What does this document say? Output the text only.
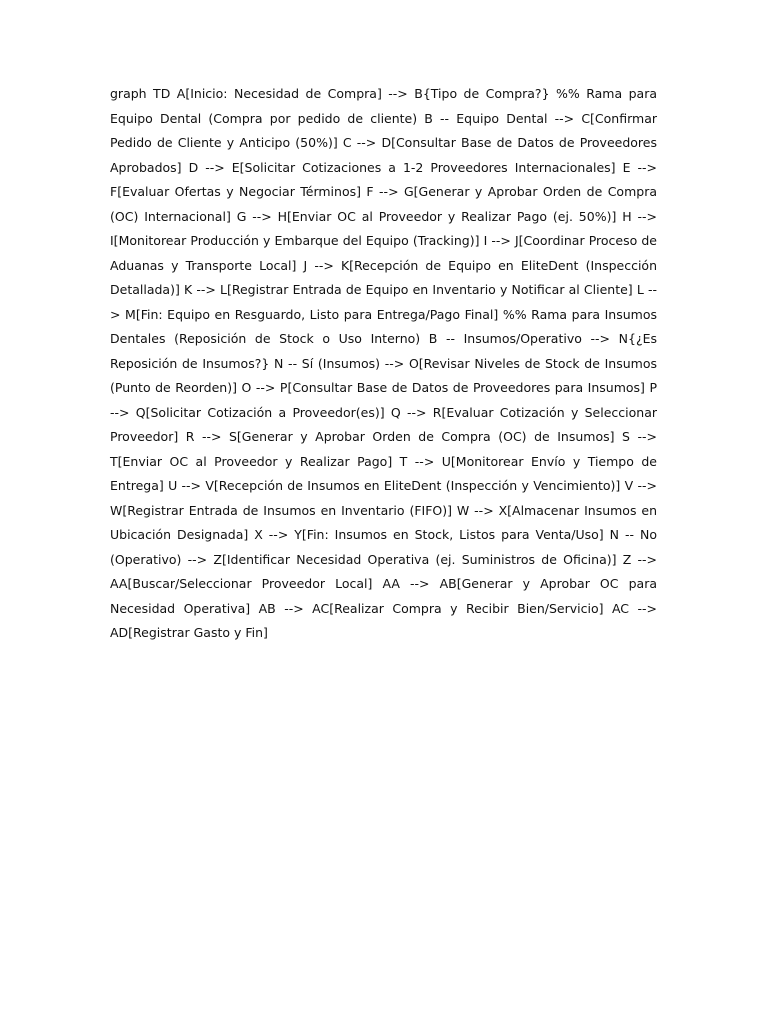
graph TD A[Inicio: Necesidad de Compra] --> B{Tipo de Compra?} %% Rama para Equipo Dental (Compra por pedido de cliente) B -- Equipo Dental --> C[Confirmar Pedido de Cliente y Anticipo (50%)] C --> D[Consultar Base de Datos de Proveedores Aprobados] D --> E[Solicitar Cotizaciones a 1-2 Proveedores Internacionales] E --> F[Evaluar Ofertas y Negociar Términos] F --> G[Generar y Aprobar Orden de Compra (OC) Internacional] G --> H[Enviar OC al Proveedor y Realizar Pago (ej. 50%)] H --> I[Monitorear Producción y Embarque del Equipo (Tracking)] I --> J[Coordinar Proceso de Aduanas y Transporte Local] J --> K[Recepción de Equipo en EliteDent (Inspección Detallada)] K --> L[Registrar Entrada de Equipo en Inventario y Notificar al Cliente] L --> M[Fin: Equipo en Resguardo, Listo para Entrega/Pago Final] %% Rama para Insumos Dentales (Reposición de Stock o Uso Interno) B -- Insumos/Operativo --> N{¿Es Reposición de Insumos?} N -- Sí (Insumos) --> O[Revisar Niveles de Stock de Insumos (Punto de Reorden)] O --> P[Consultar Base de Datos de Proveedores para Insumos] P --> Q[Solicitar Cotización a Proveedor(es)] Q --> R[Evaluar Cotización y Seleccionar Proveedor] R --> S[Generar y Aprobar Orden de Compra (OC) de Insumos] S --> T[Enviar OC al Proveedor y Realizar Pago] T --> U[Monitorear Envío y Tiempo de Entrega] U --> V[Recepción de Insumos en EliteDent (Inspección y Vencimiento)] V --> W[Registrar Entrada de Insumos en Inventario (FIFO)] W --> X[Almacenar Insumos en Ubicación Designada] X --> Y[Fin: Insumos en Stock, Listos para Venta/Uso] N -- No (Operativo) --> Z[Identificar Necesidad Operativa (ej. Suministros de Oficina)] Z --> AA[Buscar/Seleccionar Proveedor Local] AA --> AB[Generar y Aprobar OC para Necesidad Operativa] AB --> AC[Realizar Compra y Recibir Bien/Servicio] AC --> AD[Registrar Gasto y Fin]
